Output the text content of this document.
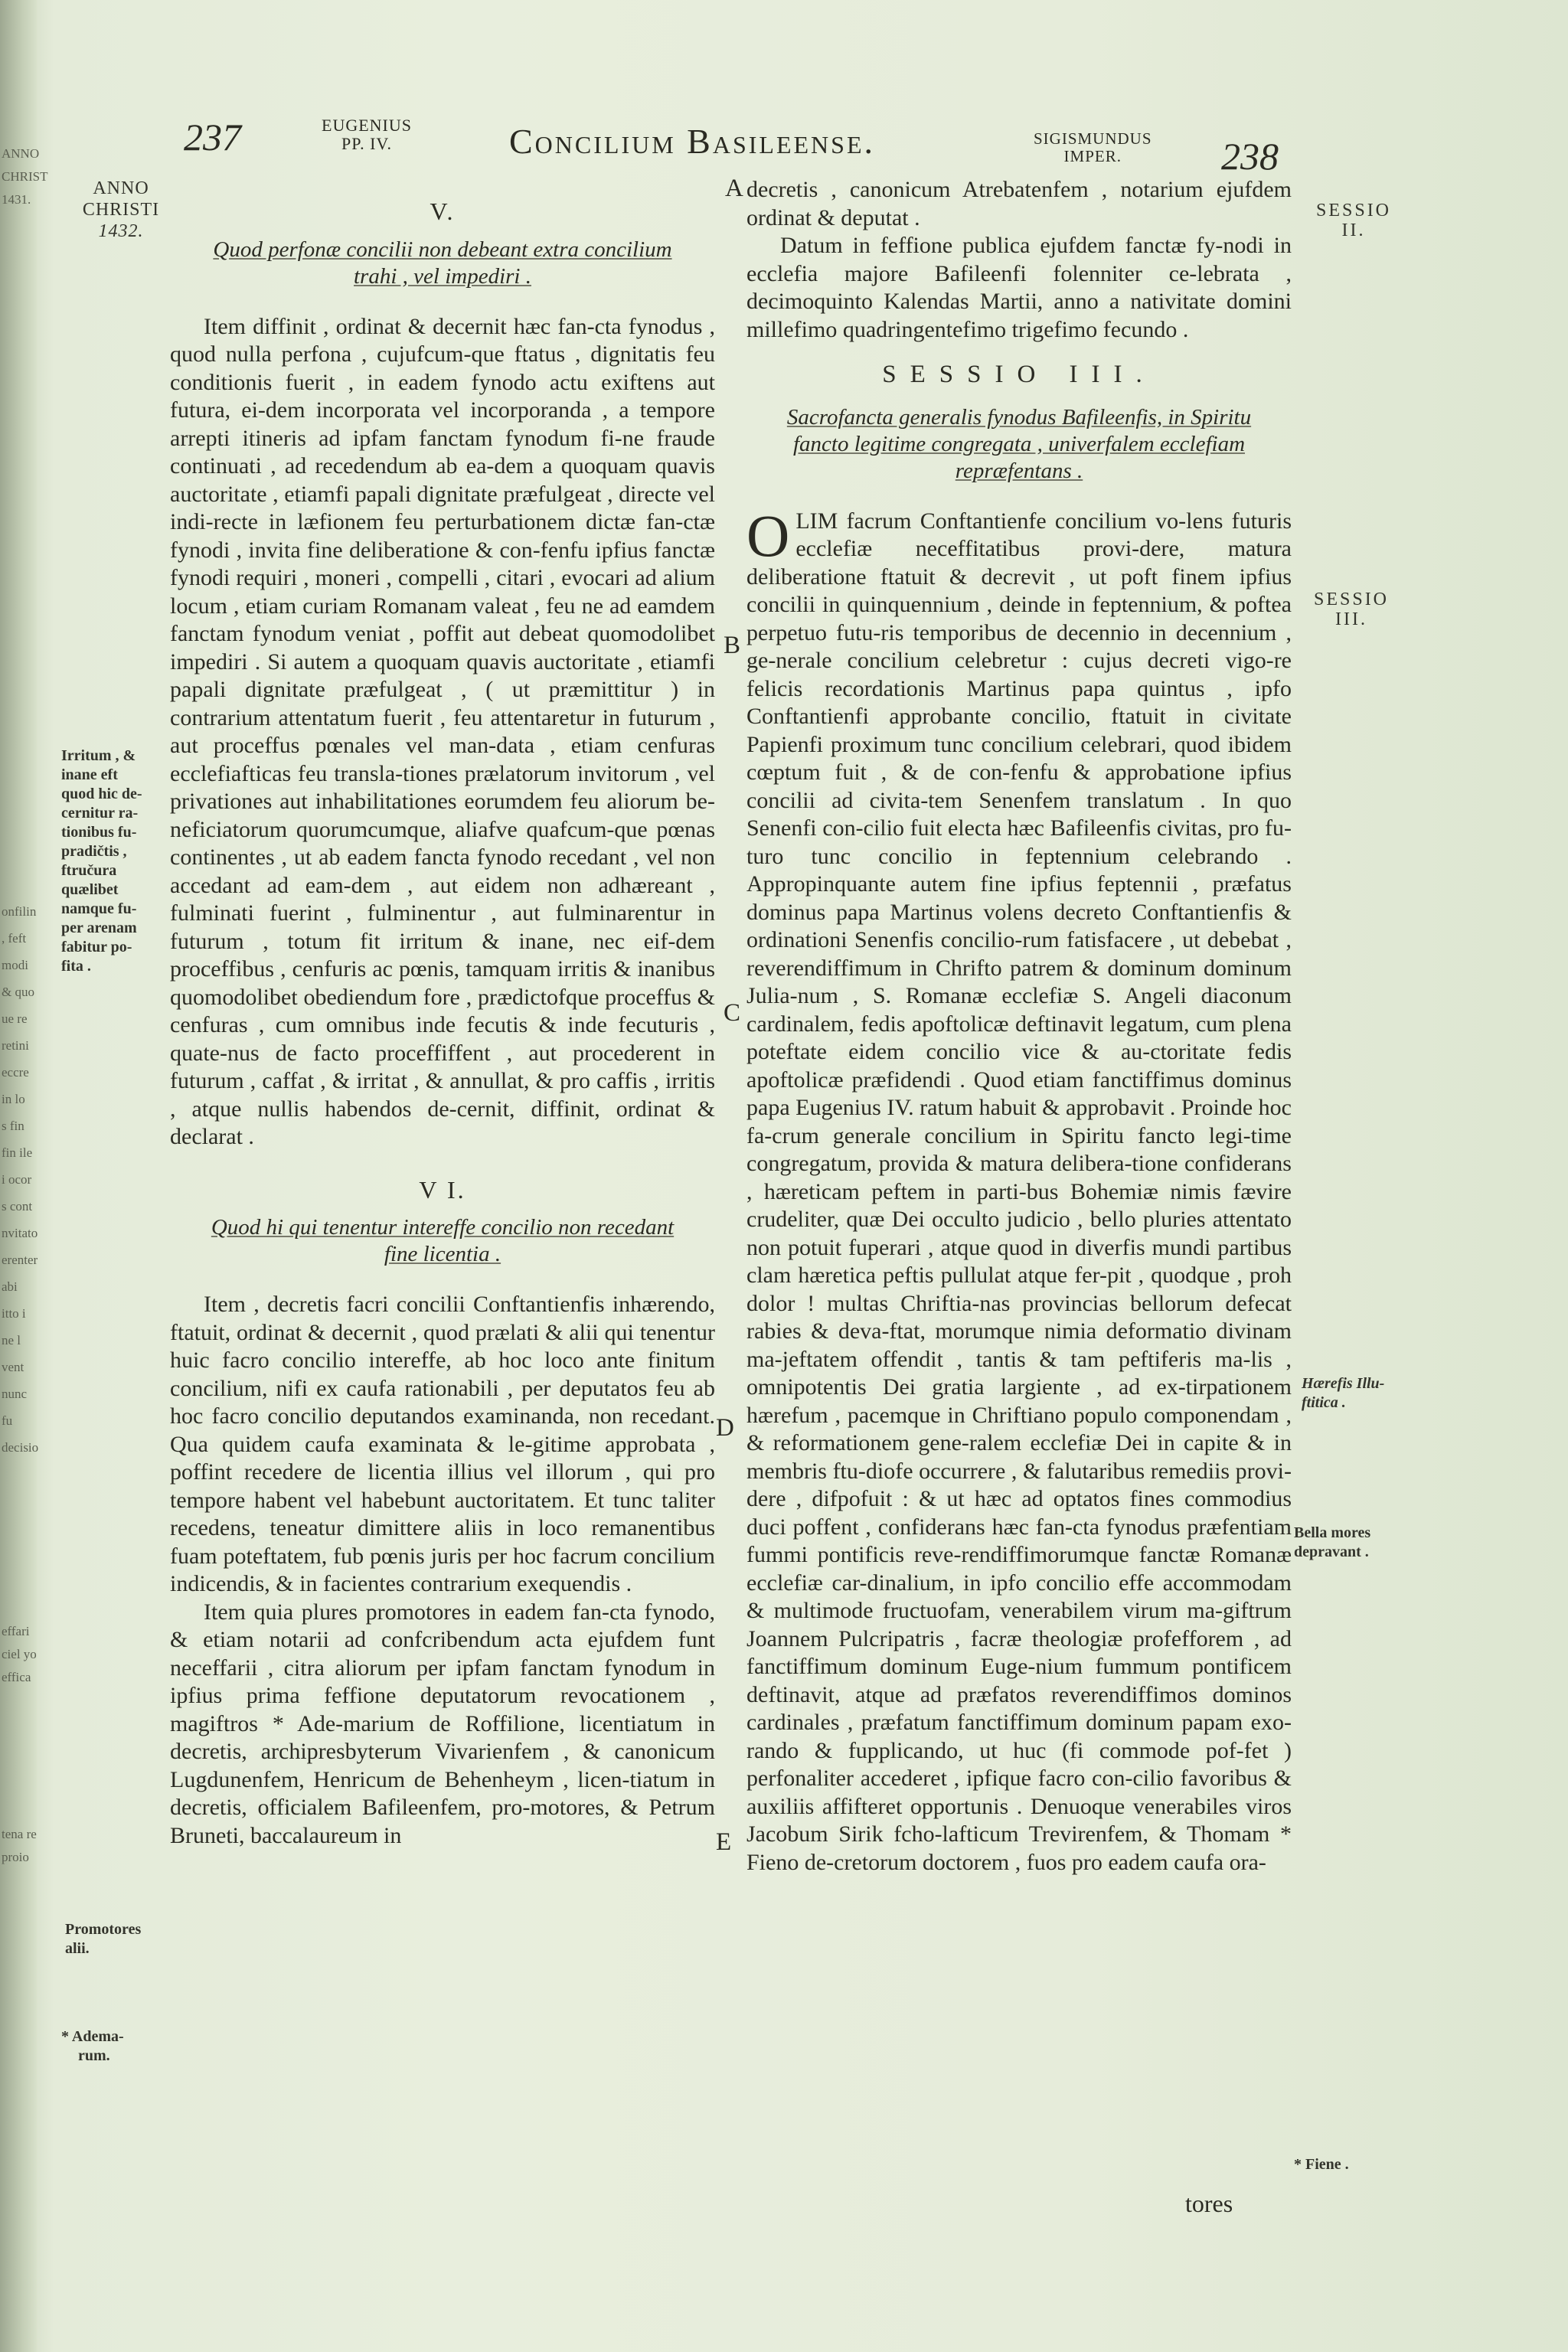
237	EUGENIUS
PP. IV.	Concilium Basileense.	SIGISMUNDUS
IMPER.	238
ANNO
CHRISTI
1432.
Irritum , &
inane eft
quod hic de-
cernitur ra-
tionibus fu-
pradičtis ,
ftručura
quælibet
namque fu-
per arenam
fabitur po-
fita .
Promotores
alii.
* Adema-
rum.
V.
Quod perfonæ concilii non debeant extra concilium trahi , vel impediri .

Item diffinit , ordinat & decernit hæc fan-cta fynodus , quod nulla perfona , cujufcum-que ftatus , dignitatis feu conditionis fuerit , in eadem fynodo actu exiftens aut futura, ei-dem incorporata vel incorporanda , a tempore arrepti itineris ad ipfam fanctam fynodum fi-ne fraude continuati , ad recedendum ab ea-dem a quoquam quavis auctoritate , etiamfi papali dignitate præfulgeat , directe vel indi-recte in læfionem feu perturbationem dictæ fan-ctæ fynodi , invita fine deliberatione & con-fenfu ipfius fanctæ fynodi requiri , moneri , compelli , citari , evocari ad alium locum , etiam curiam Romanam valeat , feu ne ad eamdem fanctam fynodum veniat , poffit aut debeat quomodolibet impediri . Si autem a quoquam quavis auctoritate , etiamfi papali dignitate præfulgeat , ( ut præmittitur ) in contrarium attentatum fuerit , feu attentaretur in futurum , aut proceffus pœnales vel man-data , etiam cenfuras ecclefiafticas feu transla-tiones prælatorum invitorum , vel privationes aut inhabilitationes eorumdem feu aliorum be-neficiatorum quorumcumque, aliafve quafcum-que pœnas continentes , ut ab eadem fancta fynodo recedant , vel non accedant ad eam-dem , aut eidem non adhæreant , fulminati fuerint , fulminentur , aut fulminarentur in futurum , totum fit irritum & inane, nec eif-dem proceffibus , cenfuris ac pœnis, tamquam irritis & inanibus quomodolibet obediendum fore , prædictofque proceffus & cenfuras , cum omnibus inde fecutis & inde fecuturis , quate-nus de facto proceffiffent , aut procederent in futurum , caffat , & irritat , & annullat, & pro caffis , irritis , atque nullis habendos de-cernit, diffinit, ordinat & declarat .

V I.
Quod hi qui tenentur intereffe concilio non recedant fine licentia .

Item , decretis facri concilii Conftantienfis inhærendo, ftatuit, ordinat & decernit , quod prælati & alii qui tenentur huic facro concilio intereffe, ab hoc loco ante finitum concilium, nifi ex caufa rationabili , per deputatos feu ab hoc facro concilio deputandos examinanda, non recedant. Qua quidem caufa examinata & le-gitime approbata , poffint recedere de licentia illius vel illorum , qui pro tempore habent vel habebunt auctoritatem. Et tunc taliter recedens, teneatur dimittere aliis in loco remanentibus fuam poteftatem, fub pœnis juris per hoc facrum concilium indicendis, & in facientes contrarium exequendis .

Item quia plures promotores in eadem fan-cta fynodo, & etiam notarii ad confcribendum acta ejufdem funt neceffarii , citra aliorum per ipfam fanctam fynodum in ipfius prima feffione deputatorum revocationem , magiftros * Ade-marium de Roffilione, licentiatum in decretis, archipresbyterum Vivarienfem , & canonicum Lugdunenfem, Henricum de Behenheym , licen-tiatum in decretis, officialem Bafileenfem, pro-motores, & Petrum Bruneti, baccalaureum in

A
B
C
D
E

decretis , canonicum Atrebatenfem , notarium ejufdem ordinat & deputat .

Datum in feffione publica ejufdem fanctæ fy-nodi in ecclefia majore Bafileenfi folenniter ce-lebrata , decimoquinto Kalendas Martii, anno a nativitate domini millefimo quadringentefimo trigefimo fecundo .

SESSIO III.
Sacrofancta generalis fynodus Bafileenfis, in Spiritu fancto legitime congregata , univerfalem ecclefiam repræfentans .

OLIM facrum Conftantienfe concilium vo-lens futuris ecclefiæ neceffitatibus provi-dere, matura deliberatione ftatuit & decrevit , ut poft finem ipfius concilii in quinquennium , deinde in feptennium, & poftea perpetuo futu-ris temporibus de decennio in decennium , ge-nerale concilium celebretur : cujus decreti vigo-re felicis recordationis Martinus papa quintus , ipfo Conftantienfi approbante concilio, ftatuit in civitate Papienfi proximum tunc concilium celebrari, quod ibidem cœptum fuit , & de con-fenfu & approbatione ipfius concilii ad civita-tem Senenfem translatum . In quo Senenfi con-cilio fuit electa hæc Bafileenfis civitas, pro fu-turo tunc concilio in feptennium celebrando . Appropinquante autem fine ipfius feptennii , præfatus dominus papa Martinus volens decreto Conftantienfis & ordinationi Senenfis concilio-rum fatisfacere , ut debebat , reverendiffimum in Chrifto patrem & dominum dominum Julia-num , S. Romanæ ecclefiæ S. Angeli diaconum cardinalem, fedis apoftolicæ deftinavit legatum, cum plena poteftate eidem concilio vice & au-ctoritate fedis apoftolicæ præfidendi . Quod etiam fanctiffimus dominus papa Eugenius IV. ratum habuit & approbavit . Proinde hoc fa-crum generale concilium in Spiritu fancto legi-time congregatum, provida & matura delibera-tione confiderans , hæreticam peftem in parti-bus Bohemiæ nimis fævire crudeliter, quæ Dei occulto judicio , bello pluries attentato non potuit fuperari , atque quod in diverfis mundi partibus clam hæretica peftis pullulat atque fer-pit , quodque , proh dolor ! multas Chriftia-nas provincias bellorum defecat rabies & deva-ftat, morumque nimia deformatio divinam ma-jeftatem offendit , tantis & tam peftiferis ma-lis , omnipotentis Dei gratia largiente , ad ex-tirpationem hærefum , pacemque in Chriftiano populo componendam , & reformationem gene-ralem ecclefiæ Dei in capite & in membris ftu-diofe occurrere , & falutaribus remediis provi-dere , difpofuit : & ut hæc ad optatos fines commodius duci poffent , confiderans hæc fan-cta fynodus præfentiam fummi pontificis reve-rendiffimorumque fanctæ Romanæ ecclefiæ car-dinalium, in ipfo concilio effe accommodam & multimode fructuofam, venerabilem virum ma-giftrum Joannem Pulcripatris , facræ theologiæ profefforem , ad fanctiffimum dominum Euge-nium fummum pontificem deftinavit, atque ad præfatos reverendiffimos dominos cardinales , præfatum fanctiffimum dominum papam exo-rando & fupplicando, ut huc (fi commode pof-fet ) perfonaliter accederet , ipfique facro con-cilio favoribus & auxiliis affifteret opportunis . Denuoque venerabiles viros Jacobum Sirik fcho-lafticum Trevirenfem, & Thomam * Fieno de-cretorum doctorem , fuos pro eadem caufa ora-

tores
SESSIO
II.
SESSIO
III.
Hærefis Illu-
ftitica .
Bella mores
depravant .
* Fiene .
ANNO
CHRIST
1431.
onfilin
, feft
modi
& quo
ue re
retini
eccre
in lo
s fin
fin ile
i ocor
s cont
nvitato
erenter
abi
itto i
ne l
vent
nunc
fu
decisio
effari
ciel yo
effica
tena re
proio
